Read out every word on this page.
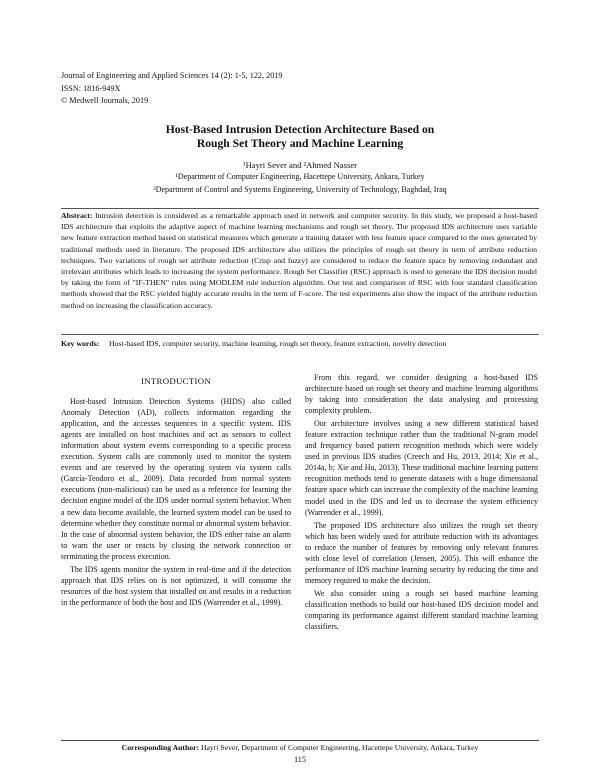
Journal of Engineering and Applied Sciences 14 (2): 1-5, 122, 2019
ISSN: 1816-949X
© Medwell Journals, 2019
Host-Based Intrusion Detection Architecture Based on
Rough Set Theory and Machine Learning
¹Hayri Sever and ²Ahmed Nasser
¹Department of Computer Engineering, Hacettepe University, Ankara, Turkey
²Department of Control and Systems Engineering, University of Technology, Baghdad, Iraq
Abstract: Intrusion detection is considered as a remarkable approach used in network and computer security. In this study, we proposed a host-based IDS architecture that exploits the adaptive aspect of machine learning mechanisms and rough set theory. The proposed IDS architecture uses variable new feature extraction method based on statistical measures which generate a training dataset with less feature space compared to the ones generated by traditional methods used in literature. The proposed IDS architecture also utilizes the principles of rough set theory in term of attribute reduction techniques. Two variations of rough set attribute reduction (Crisp and fuzzy) are considered to reduce the feature space by removing redundant and irrelevant attributes which leads to increasing the system performance. Rough Set Classifier (RSC) approach is used to generate the IDS decision model by taking the form of "IF-THEN" rules using MODLEM rule induction algorithm. Our test and comparison of RSC with four standard classification methods showed that the RSC yielded highly accurate results in the term of F-score. The test experiments also show the impact of the attribute reduction method on increasing the classification accuracy.
Key words: Host-based IDS, computer security, machine learning, rough set theory, feature extraction, novelty detection
INTRODUCTION

Host-based Intrusion Detection Systems (HIDS) also called Anomaly Detection (AD), collects information regarding the application, and the accesses sequences in a specific system. IDS agents are installed on host machines and act as sensors to collect information about system events corresponding to a specific process execution. System calls are commonly used to monitor the system events and are reserved by the operating system via system calls (García-Teodoro et al., 2009). Data recorded from normal system executions (non-malicious) can be used as a reference for learning the decision engine model of the IDS under normal system behavior. When a new data become available, the learned system model can be used to determine whether they constitute normal or abnormal system behavior. In the case of abnormal system behavior, the IDS either raise an alarm to warn the user or reacts by closing the network connection or terminating the process execution.

The IDS agents monitor the system in real-time and if the detection approach that IDS relies on is not optimized, it will consume the resources of the host system that installed on and results in a reduction in the performance of both the host and IDS (Warrender et al., 1999).

From this regard, we consider designing a host-based IDS architecture based on rough set theory and machine learning algorithms by taking into consideration the data analysing and processing complexity problem.

Our architecture involves using a new different statistical based feature extraction technique rather than the traditional N-gram model and frequency based pattern recognition methods which were widely used in previous IDS studies (Creech and Hu, 2013, 2014; Xie et al., 2014a, b; Xie and Hu, 2013). These traditional machine learning pattern recognition methods tend to generate datasets with a huge dimensional feature space which can increase the complexity of the machine learning model used in the IDS and led us to decrease the system efficiency (Warrender et al., 1999).

The proposed IDS architecture also utilizes the rough set theory which has been widely used for attribute reduction with its advantages to reduce the number of features by removing only relevant features with close level of correlation (Jensen, 2005). This will enhance the performance of IDS machine learning security by reducing the time and memory required to make the decision.

We also consider using a rough set based machine learning classification methods to build our host-based IDS decision model and comparing its performance against different standard machine learning classifiers.

Corresponding Author: Hayri Sever, Department of Computer Engineering, Hacettepe University, Ankara, Turkey
115
